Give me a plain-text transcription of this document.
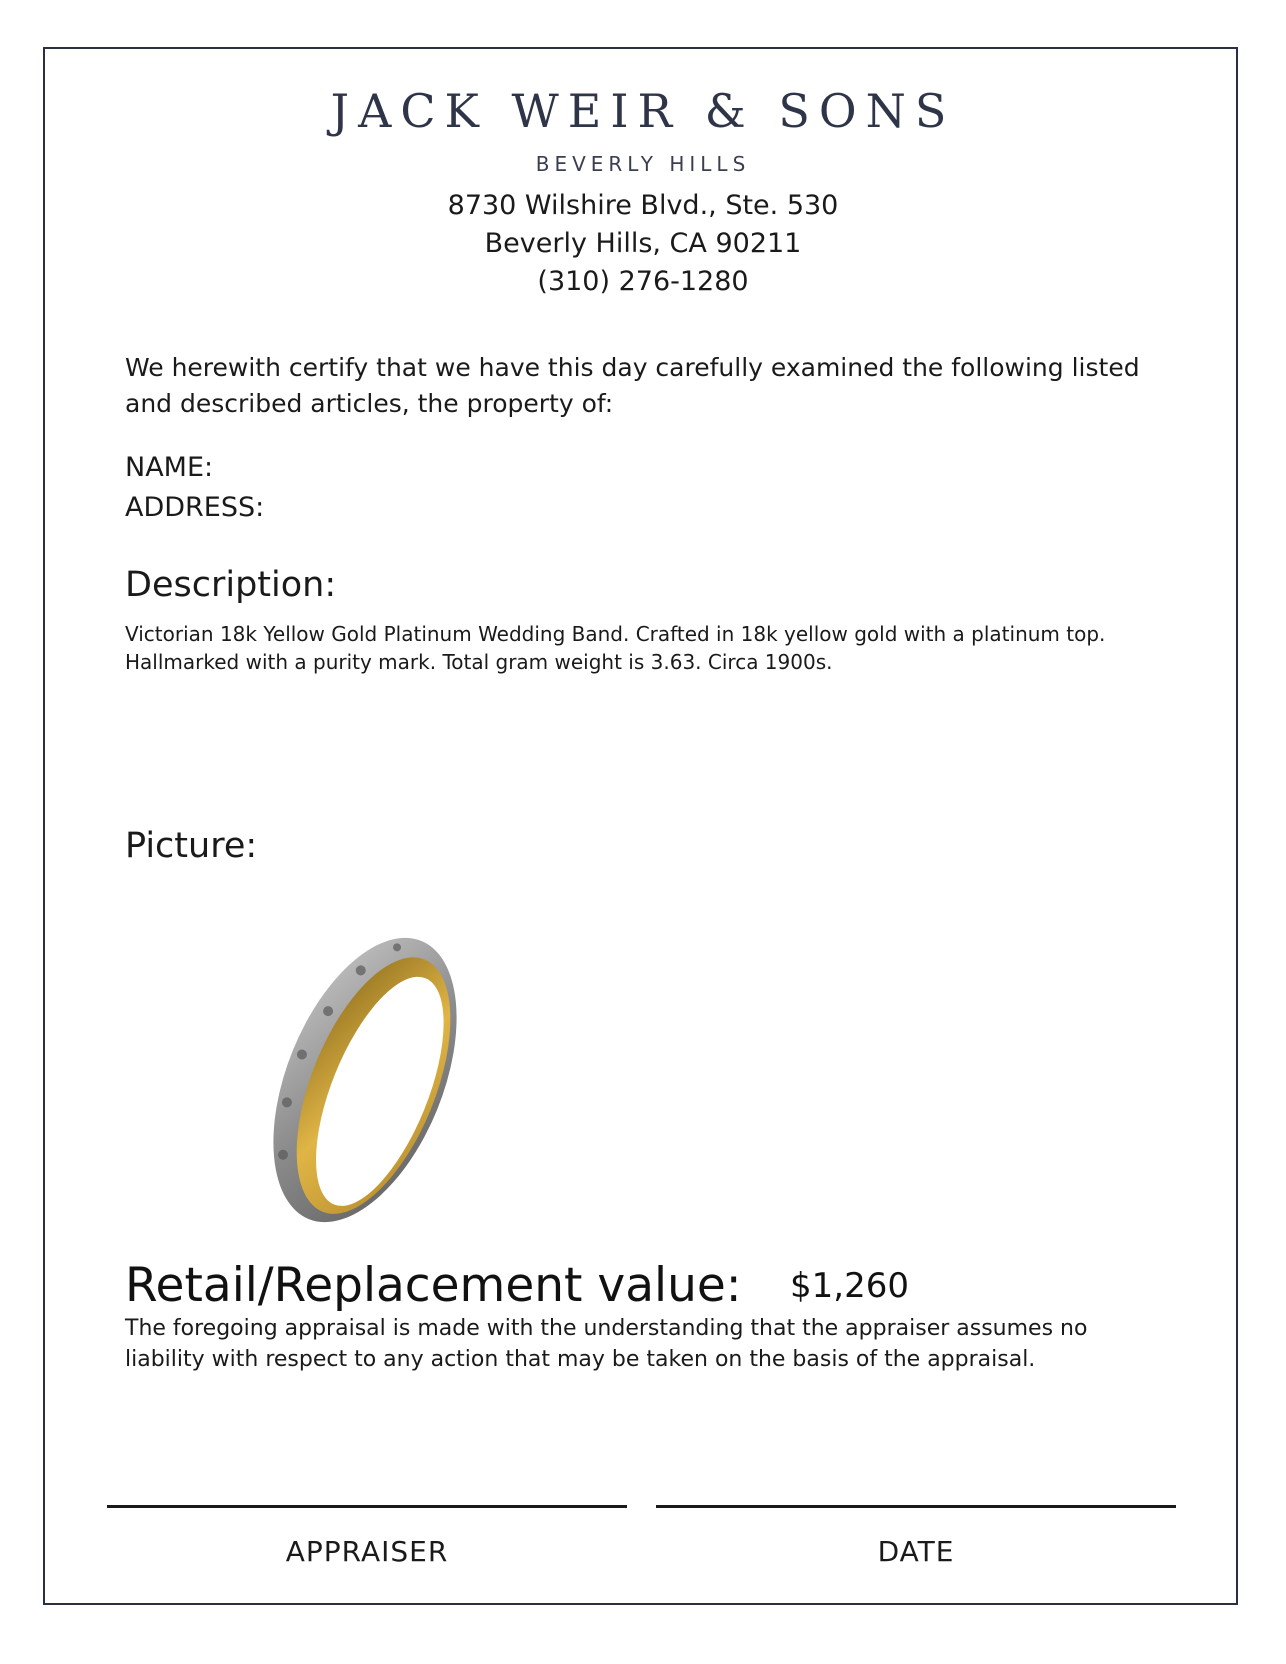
JACK WEIR & SONS
BEVERLY HILLS
8730 Wilshire Blvd., Ste. 530
Beverly Hills, CA 90211
(310) 276-1280
We herewith certify that we have this day carefully examined the following listed and described articles, the property of:
NAME:
ADDRESS:
Description:
Victorian 18k Yellow Gold Platinum Wedding Band. Crafted in 18k yellow gold with a platinum top.
Hallmarked with a purity mark. Total gram weight is 3.63. Circa 1900s.
Picture:
Retail/Replacement value: $1,260
The foregoing appraisal is made with the understanding that the appraiser assumes no
liability with respect to any action that may be taken on the basis of the appraisal.
APPRAISER	DATE
